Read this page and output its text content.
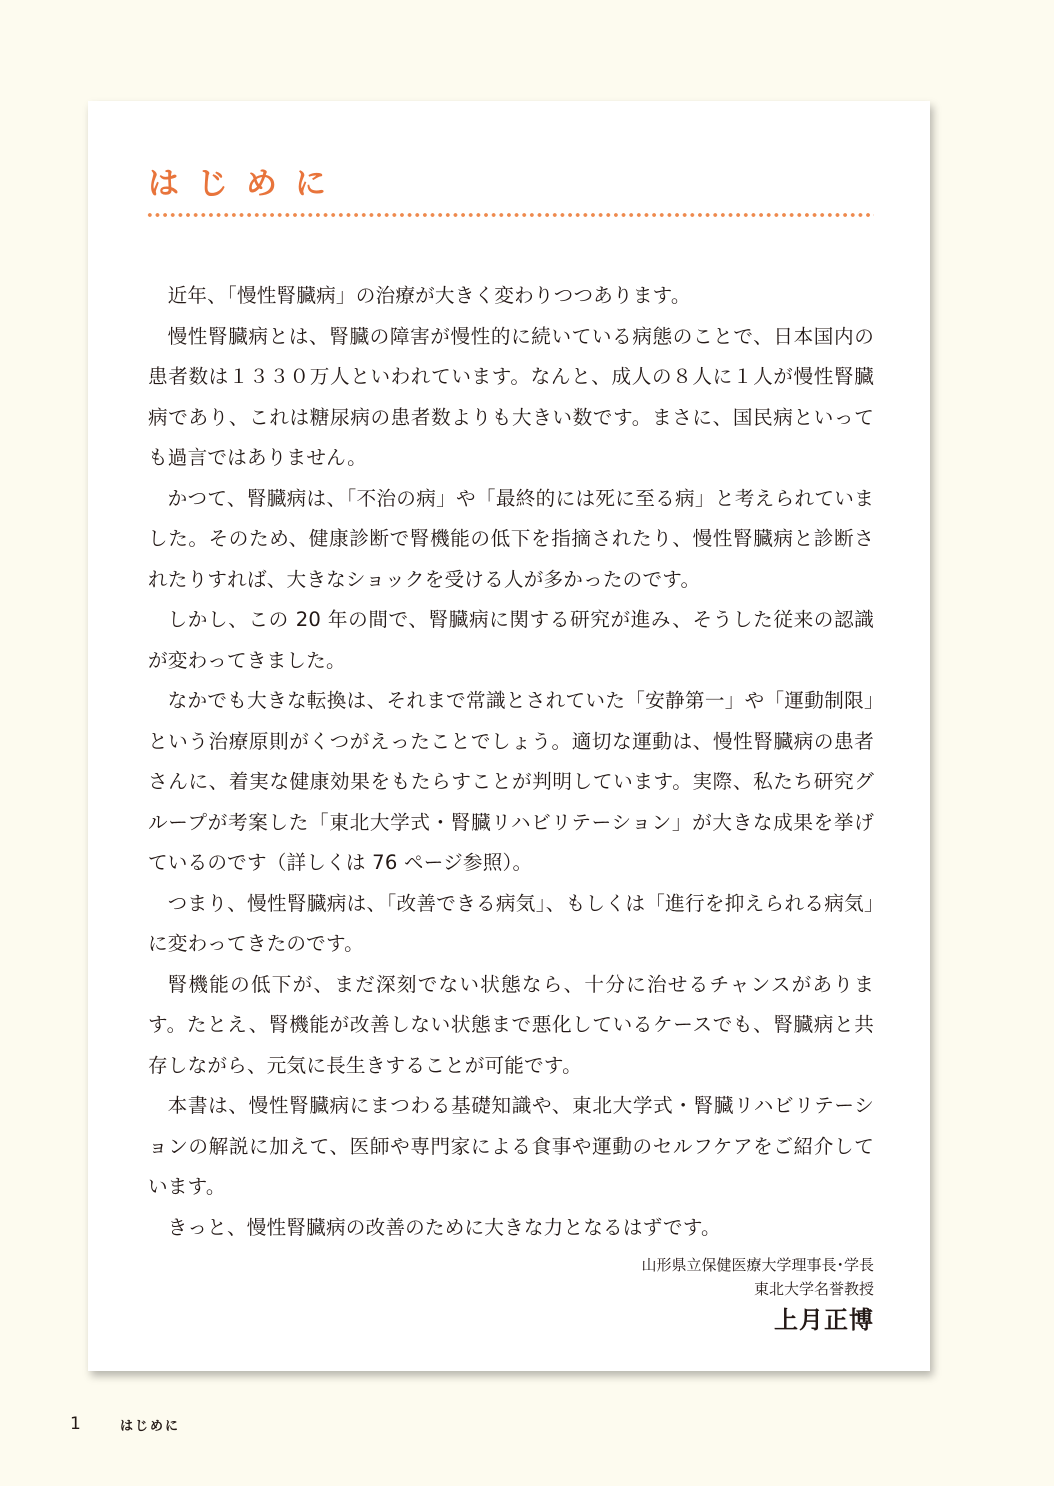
はじめに

近年、「慢性腎臓病」の治療が大きく変わりつつあります。

慢性腎臓病とは、腎臓の障害が慢性的に続いている病態のことで、日本国内の患者数は１３３０万人といわれています。なんと、成人の８人に１人が慢性腎臓病であり、これは糖尿病の患者数よりも大きい数です。まさに、国民病といっても過言ではありません。

かつて、腎臓病は、「不治の病」や「最終的には死に至る病」と考えられていました。そのため、健康診断で腎機能の低下を指摘されたり、慢性腎臓病と診断されたりすれば、大きなショックを受ける人が多かったのです。

しかし、この 20 年の間で、腎臓病に関する研究が進み、そうした従来の認識が変わってきました。

なかでも大きな転換は、それまで常識とされていた「安静第一」や「運動制限」という治療原則がくつがえったことでしょう。適切な運動は、慢性腎臓病の患者さんに、着実な健康効果をもたらすことが判明しています。実際、私たち研究グループが考案した「東北大学式・腎臓リハビリテーション」が大きな成果を挙げているのです（詳しくは 76 ページ参照）。

つまり、慢性腎臓病は、「改善できる病気」、もしくは「進行を抑えられる病気」に変わってきたのです。

腎機能の低下が、まだ深刻でない状態なら、十分に治せるチャンスがあります。たとえ、腎機能が改善しない状態まで悪化しているケースでも、腎臓病と共存しながら、元気に長生きすることが可能です。

本書は、慢性腎臓病にまつわる基礎知識や、東北大学式・腎臓リハビリテーションの解説に加えて、医師や専門家による食事や運動のセルフケアをご紹介しています。

きっと、慢性腎臓病の改善のために大きな力となるはずです。

山形県立保健医療大学理事長･学長
東北大学名誉教授
上月正博
1	はじめに
